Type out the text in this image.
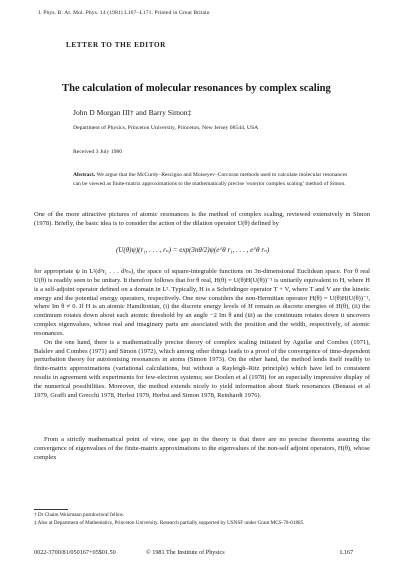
J. Phys. B: At. Mol. Phys. 14 (1981) L167–L171. Printed in Great Britain
LETTER TO THE EDITOR
The calculation of molecular resonances by complex scaling
John D Morgan III† and Barry Simon‡
Department of Physics, Princeton University, Princeton, New Jersey 08544, USA
Received 3 July 1980
Abstract. We argue that the McCurdy–Rescigno and Moiseyev–Corcoran methods used to calculate molecular resonances can be viewed as finite-matrix approximations to the mathematically precise ‘exterior complex scaling’ method of Simon.

One of the more attractive pictures of atomic resonances is the method of complex scaling, reviewed extensively in Simon (1978). Briefly, the basic idea is to consider the action of the dilation operator U(θ) defined by

(U(θ)ψ)(r₁, . . . , rₙ) = exp(3nθ/2)ψ(e^θ r₁, . . . , e^θ rₙ)

for appropriate ψ in L²(d³r₁ . . . d³rₙ), the space of square-integrable functions on 3n-dimensional Euclidean space. For θ real U(θ) is readily seen to be unitary. It therefore follows that for θ real, H(θ) = U(θ)H(U(θ))⁻¹ is unitarily equivalent to H, where H is a self-adjoint operator defined on a domain in L². Typically, H is a Schrödinger operator T + V, where T and V are the kinetic energy and the potential energy operators, respectively. One now considers the non-Hermitian operator H(θ) = U(θ)H(U(θ))⁻¹, where Im θ ≠ 0. If H is an atomic Hamiltonian, (i) the discrete energy levels of H remain as discrete energies of H(θ), (ii) the continuum rotates down about each atomic threshold by an angle −2 Im θ and (iii) as the continuum rotates down it uncovers complex eigenvalues, whose real and imaginary parts are associated with the position and the width, respectively, of atomic resonances.

On the one hand, there is a mathematically precise theory of complex scaling initiated by Aguilar and Combes (1971), Balslev and Combes (1971) and Simon (1972), which among other things leads to a proof of the convergence of time-dependent perturbation theory for autoionising resonances in atoms (Simon 1973). On the other hand, the method lends itself readily to finite-matrix approximations (variational calculations, but without a Rayleigh–Ritz principle) which have led to consistent results in agreement with experiments for few-electron systems; see Doolen et al (1978) for an especially impressive display of the numerical possibilities. Moreover, the method extends nicely to yield information about Stark resonances (Benassi et al 1979, Graffi and Grecchi 1978, Herbst 1979, Herbst and Simon 1978, Reinhardt 1976).

From a strictly mathematical point of view, one gap in the theory is that there are no precise theorems assuring the convergence of eigenvalues of the finite-matrix approximations to the eigenvalues of the non-self adjoint operators, H(θ), whose complex

† Dr Chaim Weizmann postdoctoral fellow.
‡ Also at Department of Mathematics, Princeton University. Research partially supported by USNSF under Grant MCS-78-01885.
0022-3700/81/050167+05$01.50	© 1981 The Institute of Physics	L167
